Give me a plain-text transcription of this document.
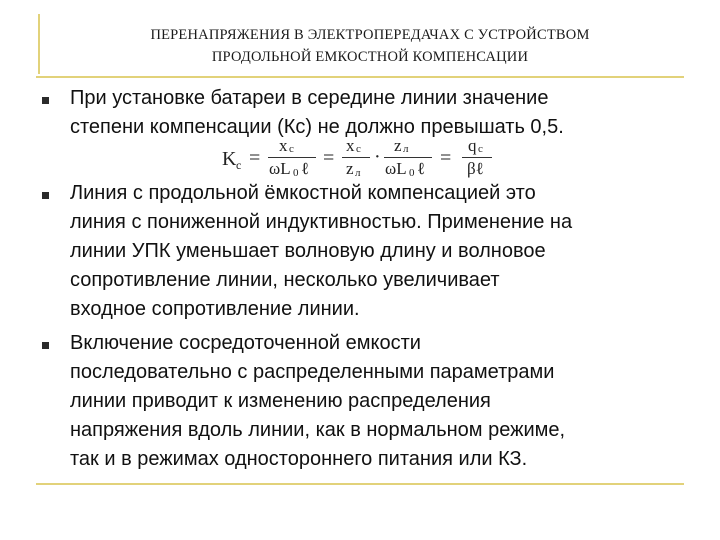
ПЕРЕНАПРЯЖЕНИЯ В ЭЛЕКТРОПЕРЕДАЧАХ С УСТРОЙСТВОМ
ПРОДОЛЬНОЙ ЕМКОСТНОЙ КОМПЕНСАЦИИ
При установке батареи в середине линии значение
степени компенсации (Кс) не должно превышать 0,5.
K c =
x c
ωL 0 ℓ =
x c
z л
·
z л
ωL 0 ℓ =
q c
βℓ
Линия с продольной ёмкостной компенсацией это
линия с пониженной индуктивностью. Применение на
линии УПК уменьшает волновую длину и волновое
сопротивление линии, несколько увеличивает
входное сопротивление линии.
Включение сосредоточенной емкости
последовательно с распределенными параметрами
линии приводит к изменению распределения
напряжения вдоль линии, как в нормальном режиме,
так и в режимах одностороннего питания или КЗ.
